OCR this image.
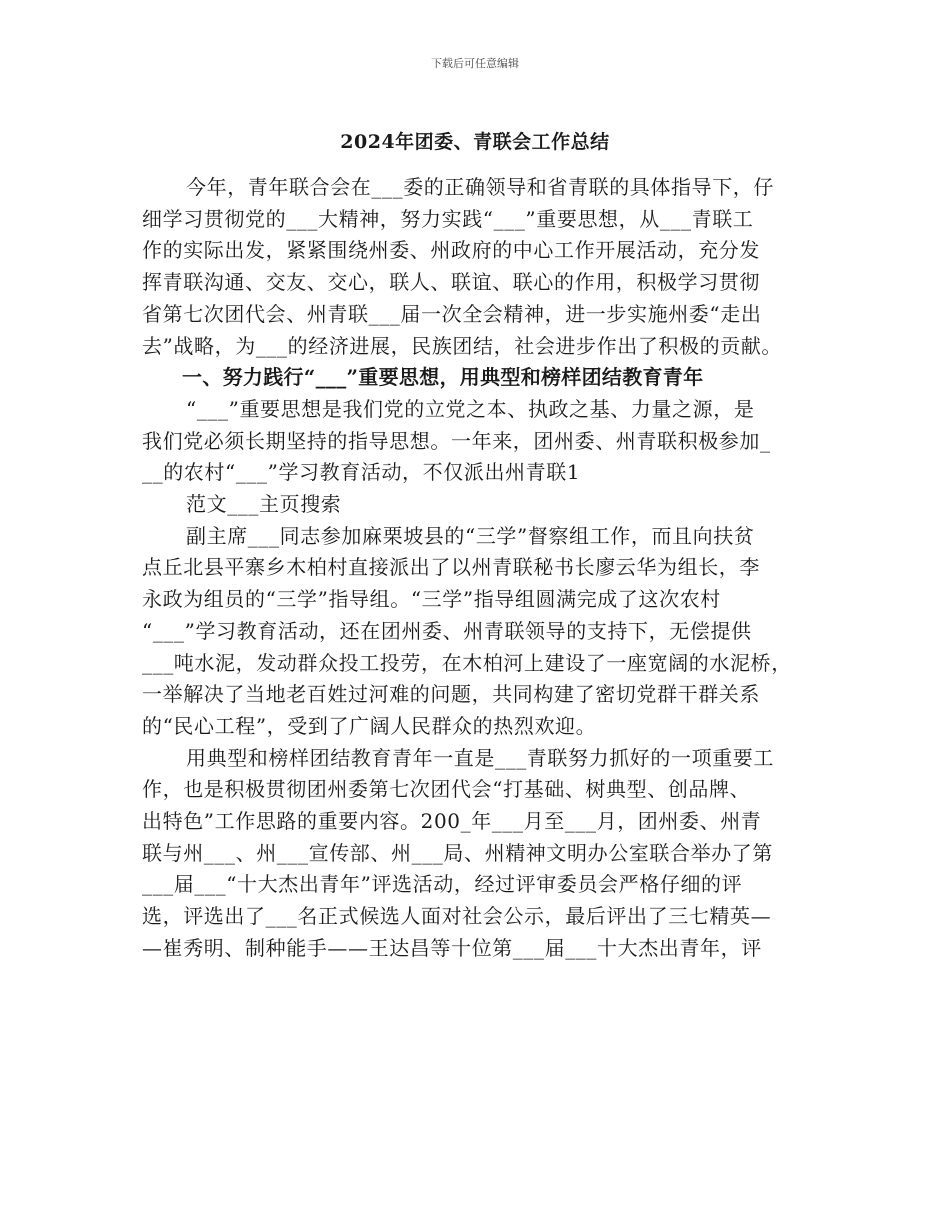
下载后可任意编辑
2024年团委、青联会工作总结
今年，青年联合会在___委的正确领导和省青联的具体指导下，仔
细学习贯彻党的___大精神，努力实践“___”重要思想，从___青联工
作的实际出发，紧紧围绕州委、州政府的中心工作开展活动，充分发
挥青联沟通、交友、交心，联人、联谊、联心的作用，积极学习贯彻
省第七次团代会、州青联___届一次全会精神，进一步实施州委“走出
去”战略，为___的经济进展，民族团结，社会进步作出了积极的贡献。
一、努力践行“___”重要思想，用典型和榜样团结教育青年
“___”重要思想是我们党的立党之本、执政之基、力量之源，是
我们党必须长期坚持的指导思想。一年来，团州委、州青联积极参加_
__的农村“___”学习教育活动，不仅派出州青联1
范文___主页搜索
副主席___同志参加麻栗坡县的“三学”督察组工作，而且向扶贫
点丘北县平寨乡木柏村直接派出了以州青联秘书长廖云华为组长，李
永政为组员的“三学”指导组。“三学”指导组圆满完成了这次农村
“___”学习教育活动，还在团州委、州青联领导的支持下，无偿提供
___吨水泥，发动群众投工投劳，在木柏河上建设了一座宽阔的水泥桥，
一举解决了当地老百姓过河难的问题，共同构建了密切党群干群关系
的“民心工程”，受到了广阔人民群众的热烈欢迎。
用典型和榜样团结教育青年一直是___青联努力抓好的一项重要工
作，也是积极贯彻团州委第七次团代会“打基础、树典型、创品牌、
出特色”工作思路的重要内容。200_年___月至___月，团州委、州青
联与州___、州___宣传部、州___局、州精神文明办公室联合举办了第
___届___“十大杰出青年”评选活动，经过评审委员会严格仔细的评
选，评选出了___名正式候选人面对社会公示，最后评出了三七精英—
—崔秀明、制种能手——王达昌等十位第___届___十大杰出青年，评
